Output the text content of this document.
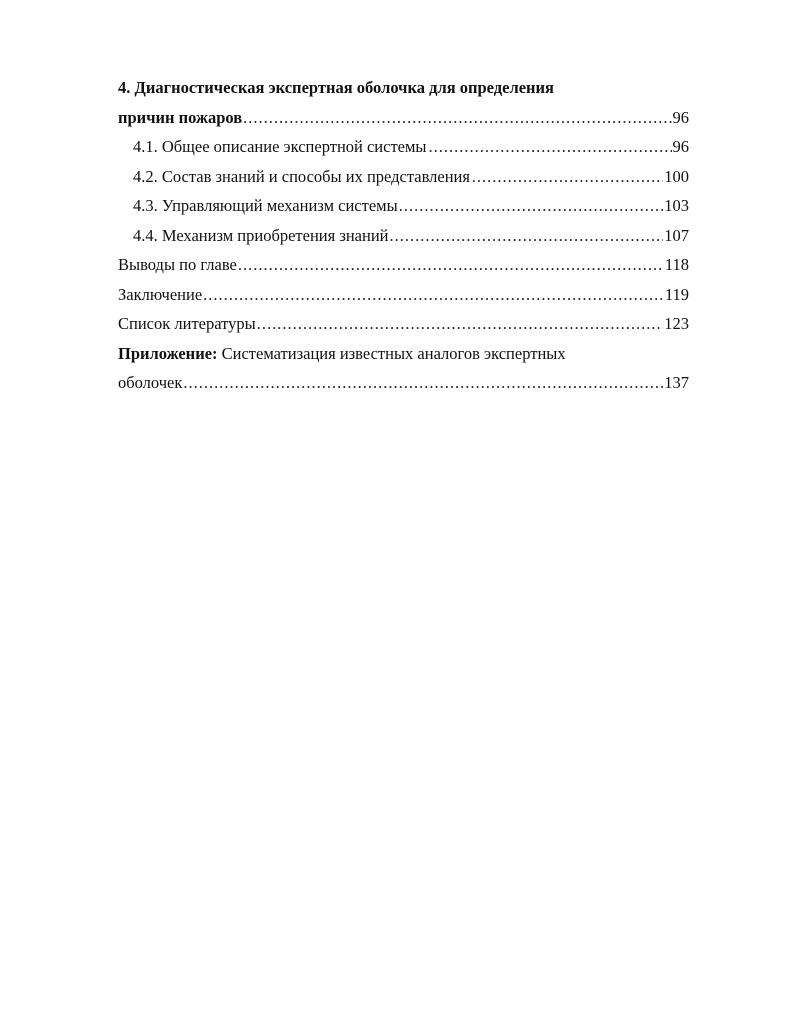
4. Диагностическая экспертная оболочка для определения
причин пожаров .....	96
4.1. Общее описание экспертной системы .....	96
4.2. Состав знаний и способы их представления .....	100
4.3. Управляющий механизм системы .....	103
4.4. Механизм приобретения знаний .....	107
Выводы по главе .....	118
Заключение .....	119
Список литературы .....	123
Приложение: Систематизация известных аналогов экспертных
оболочек .....	137
